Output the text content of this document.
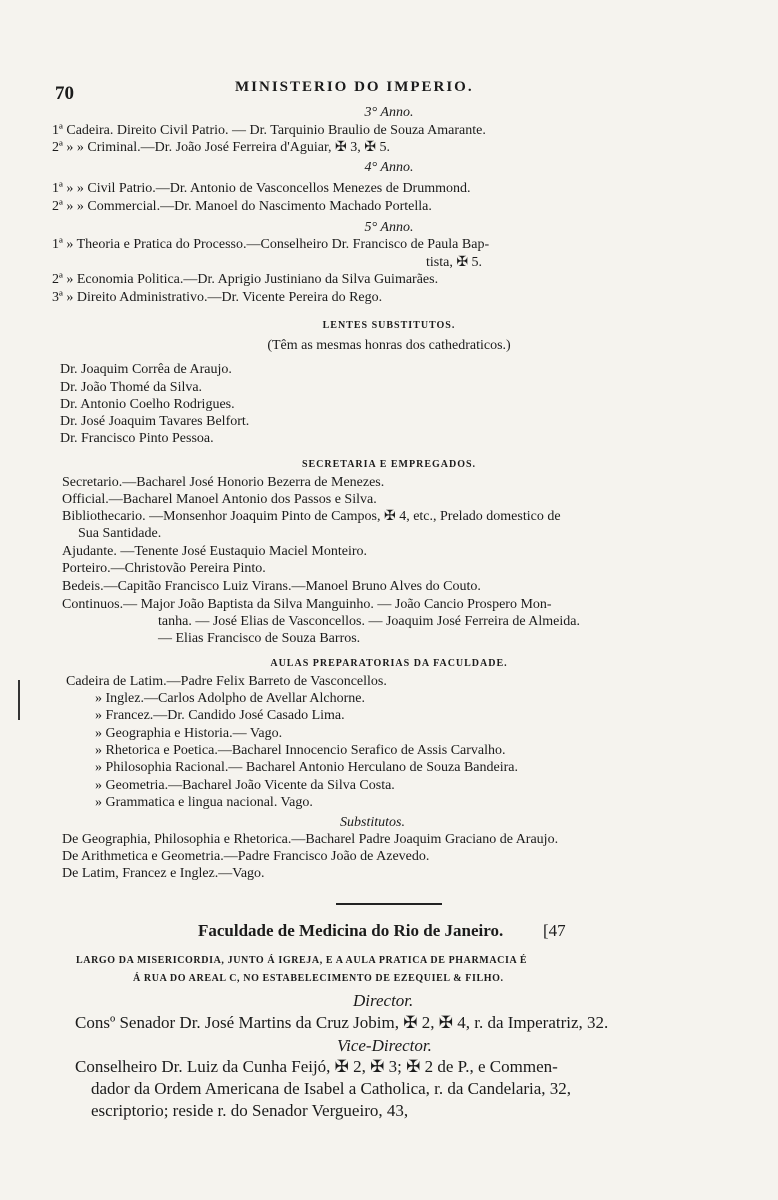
70	MINISTERIO DO IMPERIO.
3° Anno.
1ª Cadeira. Direito Civil Patrio. — Dr. Tarquinio Braulio de Souza Amarante.
2ª » » Criminal.—Dr. João José Ferreira d'Aguiar, ✠ 3, ✠ 5.
4° Anno.
1ª » » Civil Patrio.—Dr. Antonio de Vasconcellos Menezes de Drummond.
2ª » » Commercial.—Dr. Manoel do Nascimento Machado Portella.
5° Anno.
1ª » Theoria e Pratica do Processo.—Conselheiro Dr. Francisco de Paula Bap-
tista, ✠ 5.
2ª » Economia Politica.—Dr. Aprigio Justiniano da Silva Guimarães.
3ª » Direito Administrativo.—Dr. Vicente Pereira do Rego.
LENTES SUBSTITUTOS.
(Têm as mesmas honras dos cathedraticos.)
Dr. Joaquim Corrêa de Araujo.
Dr. João Thomé da Silva.
Dr. Antonio Coelho Rodrigues.
Dr. José Joaquim Tavares Belfort.
Dr. Francisco Pinto Pessoa.
SECRETARIA E EMPREGADOS.
Secretario.—Bacharel José Honorio Bezerra de Menezes.
Official.—Bacharel Manoel Antonio dos Passos e Silva.
Bibliothecario. —Monsenhor Joaquim Pinto de Campos, ✠ 4, etc., Prelado domestico de
Sua Santidade.
Ajudante. —Tenente José Eustaquio Maciel Monteiro.
Porteiro.—Christovão Pereira Pinto.
Bedeis.—Capitão Francisco Luiz Virans.—Manoel Bruno Alves do Couto.
Continuos.— Major João Baptista da Silva Manguinho. — João Cancio Prospero Mon-
tanha. — José Elias de Vasconcellos. — Joaquim José Ferreira de Almeida.
— Elias Francisco de Souza Barros.
AULAS PREPARATORIAS DA FACULDADE.
Cadeira de Latim.—Padre Felix Barreto de Vasconcellos.
» Inglez.—Carlos Adolpho de Avellar Alchorne.
» Francez.—Dr. Candido José Casado Lima.
» Geographia e Historia.— Vago.
» Rhetorica e Poetica.—Bacharel Innocencio Serafico de Assis Carvalho.
» Philosophia Racional.— Bacharel Antonio Herculano de Souza Bandeira.
» Geometria.—Bacharel João Vicente da Silva Costa.
» Grammatica e lingua nacional. Vago.
Substitutos.
De Geographia, Philosophia e Rhetorica.—Bacharel Padre Joaquim Graciano de Araujo.
De Arithmetica e Geometria.—Padre Francisco João de Azevedo.
De Latim, Francez e Inglez.—Vago.
Faculdade de Medicina do Rio de Janeiro. [47
LARGO DA MISERICORDIA, JUNTO Á IGREJA, E A AULA PRATICA DE PHARMACIA É
Á RUA DO AREAL C, NO ESTABELECIMENTO DE EZEQUIEL & FILHO.
Director.
Consº Senador Dr. José Martins da Cruz Jobim, ✠ 2, ✠ 4, r. da Imperatriz, 32.
Vice-Director.
Conselheiro Dr. Luiz da Cunha Feijó, ✠ 2, ✠ 3; ✠ 2 de P., e Commen-
dador da Ordem Americana de Isabel a Catholica, r. da Candelaria, 32,
escriptorio; reside r. do Senador Vergueiro, 43,
